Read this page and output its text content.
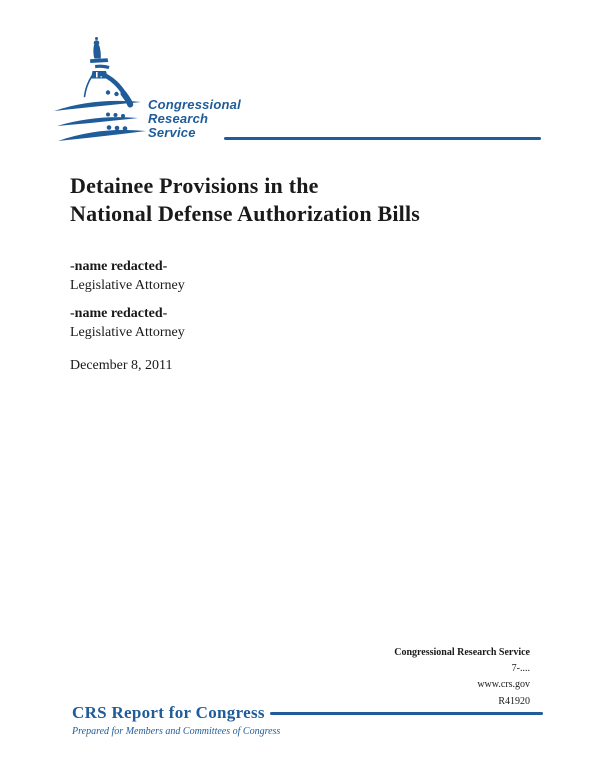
Congressional
Research
Service
Detainee Provisions in the
National Defense Authorization Bills
-name redacted-
Legislative Attorney
-name redacted-
Legislative Attorney
December 8, 2011
Congressional Research Service
7-....
www.crs.gov
R41920
CRS Report for Congress
Prepared for Members and Committees of Congress
